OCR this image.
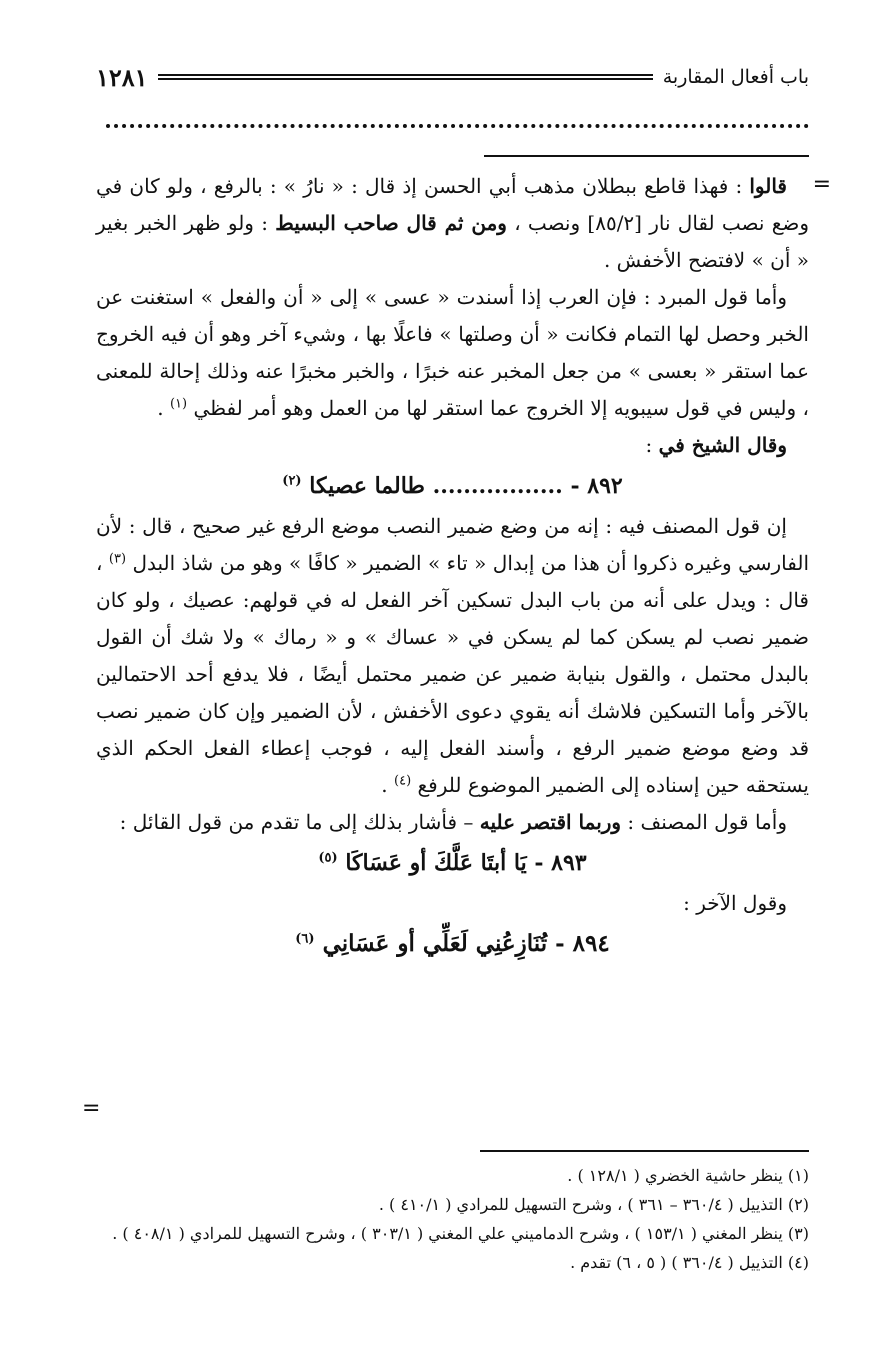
باب أفعال المقاربة
١٢٨١
=
=

قالوا : فهذا قاطع ببطلان مذهب أبي الحسن إذ قال : « نارُ » : بالرفع ، ولو كان في وضع نصب لقال نار [٨٥/٢] ونصب ، ومن ثم قال صاحب البسيط : ولو ظهر الخبر بغير « أن » لافتضح الأخفش .

وأما قول المبرد : فإن العرب إذا أسندت « عسى » إلى « أن والفعل » استغنت عن الخبر وحصل لها التمام فكانت « أن وصلتها » فاعلًا بها ، وشيء آخر وهو أن فيه الخروج عما استقر « بعسى » من جعل المخبر عنه خبرًا ، والخبر مخبرًا عنه وذلك إحالة للمعنى ، وليس في قول سيبويه إلا الخروج عما استقر لها من العمل وهو أمر لفظي $^{(١)}$ .

وقال الشيخ في :

٨٩٢ - ................. طالما عصيكا $^{(٢)}$

إن قول المصنف فيه : إنه من وضع ضمير النصب موضع الرفع غير صحيح ، قال : لأن الفارسي وغيره ذكروا أن هذا من إبدال « تاء » الضمير « كافًا » وهو من شاذ البدل $^{(٣)}$ ، قال : ويدل على أنه من باب البدل تسكين آخر الفعل له في قولهم: عصيك ، ولو كان ضمير نصب لم يسكن كما لم يسكن في « عساك » و « رماك » ولا شك أن القول بالبدل محتمل ، والقول بنيابة ضمير عن ضمير محتمل أيضًا ، فلا يدفع أحد الاحتمالين بالآخر وأما التسكين فلاشك أنه يقوي دعوى الأخفش ، لأن الضمير وإن كان ضمير نصب قد وضع موضع ضمير الرفع ، وأسند الفعل إليه ، فوجب إعطاء الفعل الحكم الذي يستحقه حين إسناده إلى الضمير الموضوع للرفع $^{(٤)}$ .

وأما قول المصنف : وربما اقتصر عليه – فأشار بذلك إلى ما تقدم من قول القائل :

٨٩٣ - يَا أبتَا عَلَّكَ أو عَسَاكَا $^{(٥)}$

وقول الآخر :

٨٩٤ - تُنَازِعُنِي لَعَلِّي أو عَسَانِي $^{(٦)}$

(١) ينظر حاشية الخضري ( ١٢٨/١ ) .
(٢) التذييل ( ٣٦٠/٤ – ٣٦١ ) ، وشرح التسهيل للمرادي ( ٤١٠/١ ) .
(٣) ينظر المغني ( ١٥٣/١ ) ، وشرح الدماميني علي المغني ( ٣٠٣/١ ) ، وشرح التسهيل للمرادي ( ٤٠٨/١ ) .
(٤) التذييل ( ٣٦٠/٤ ) ( ٥ ، ٦) تقدم .
